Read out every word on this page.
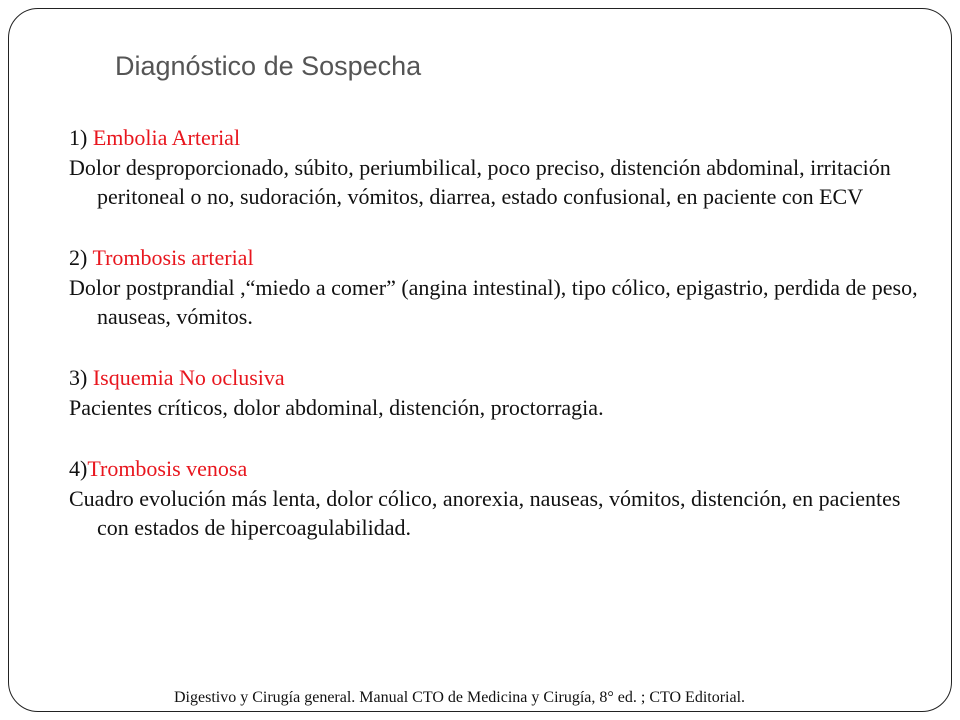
Diagnóstico de Sospecha
1) Embolia Arterial
Dolor desproporcionado, súbito, periumbilical, poco preciso, distención abdominal, irritación peritoneal o no, sudoración, vómitos, diarrea, estado confusional, en paciente con ECV
2) Trombosis arterial
Dolor postprandial ,“miedo a comer” (angina intestinal), tipo cólico, epigastrio, perdida de peso, nauseas, vómitos.
3) Isquemia No oclusiva
Pacientes críticos, dolor abdominal, distención, proctorragia.
4)Trombosis venosa
Cuadro evolución más lenta, dolor cólico, anorexia, nauseas, vómitos, distención, en pacientes con estados de hipercoagulabilidad.

Digestivo y Cirugía general. Manual CTO de Medicina y Cirugía, 8° ed. ; CTO Editorial.
